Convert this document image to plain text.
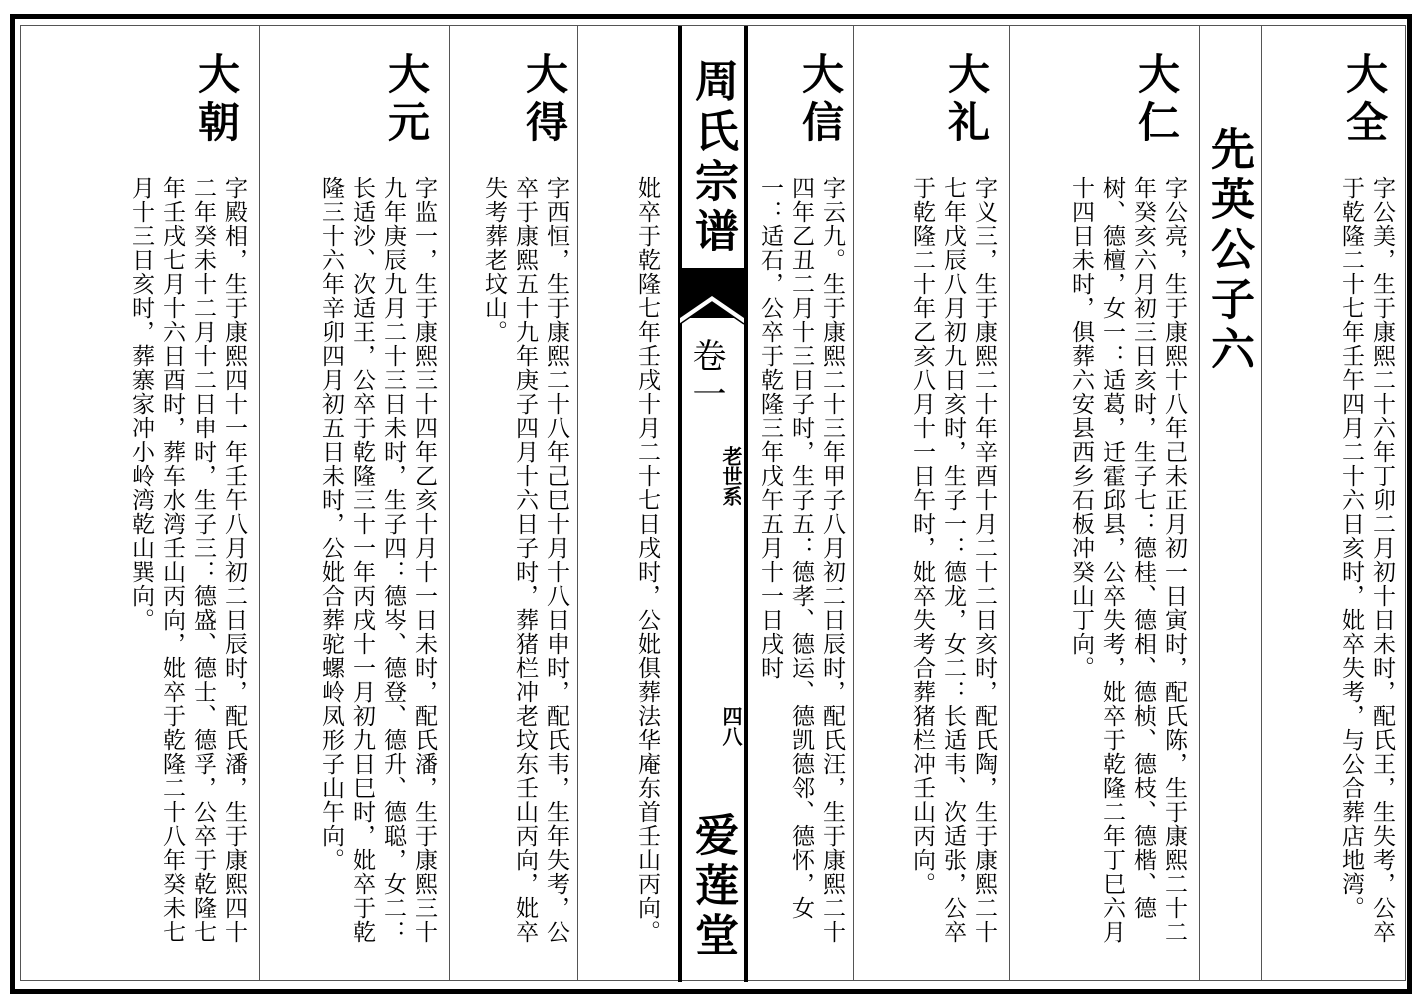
大全
字公美，生于康熙二十六年丁卯二月初十日未时，配氏王，生失考，公卒于乾隆二十七年壬午四月二十六日亥时，妣卒失考，与公合葬店地湾。
先英公子六
大仁
字公亮，生于康熙十八年己未正月初一日寅时，配氏陈，生于康熙二十二年癸亥六月初三日亥时，生子七：德桂、德相、德桢、德枝、德楷、德树、德檀，女一：适葛，迁霍邱县，公卒失考，妣卒于乾隆二年丁巳六月十四日未时，俱葬六安县西乡石板冲癸山丁向。
大礼
字义三，生于康熙二十年辛酉十月二十二日亥时，配氏陶，生于康熙二十七年戊辰八月初九日亥时，生子一：德龙，女二：长适韦、次适张，公卒于乾隆二十年乙亥八月十一日午时，妣卒失考合葬猪栏冲壬山丙向。
大信
字云九。生于康熙二十三年甲子八月初二日辰时，配氏汪，生于康熙二十四年乙丑二月十三日子时，生子五：德孝、德运、德凯德邻、德怀，女一：适石，公卒于乾隆三年戊午五月十一日戌时
周氏宗谱
卷一
老世系
四八
爱莲堂
妣卒于乾隆七年壬戌十月二十七日戌时，公妣俱葬法华庵东首壬山丙向。
大得
字西恒，生于康熙二十八年己巳十月十八日申时，配氏韦，生年失考，公卒于康熙五十九年庚子四月十六日子时，葬猪栏冲老坟东壬山丙向，妣卒失考葬老坟山。
大元
字监一，生于康熙三十四年乙亥十月十一日未时，配氏潘，生于康熙三十九年庚辰九月二十三日未时，生子四：德岑、德登、德升、德聪，女二：长适沙、次适王，公卒于乾隆三十一年丙戌十一月初九日巳时，妣卒于乾隆三十六年辛卯四月初五日未时，公妣合葬驼螺岭凤形子山午向。
大朝
字殿相，生于康熙四十一年壬午八月初二日辰时，配氏潘，生于康熙四十二年癸未十二月十二日申时，生子三：德盛、德士、德孚，公卒于乾隆七年壬戌七月十六日酉时，葬车水湾壬山丙向，妣卒于乾隆二十八年癸未七月十三日亥时，葬寨家冲小岭湾乾山巽向。
